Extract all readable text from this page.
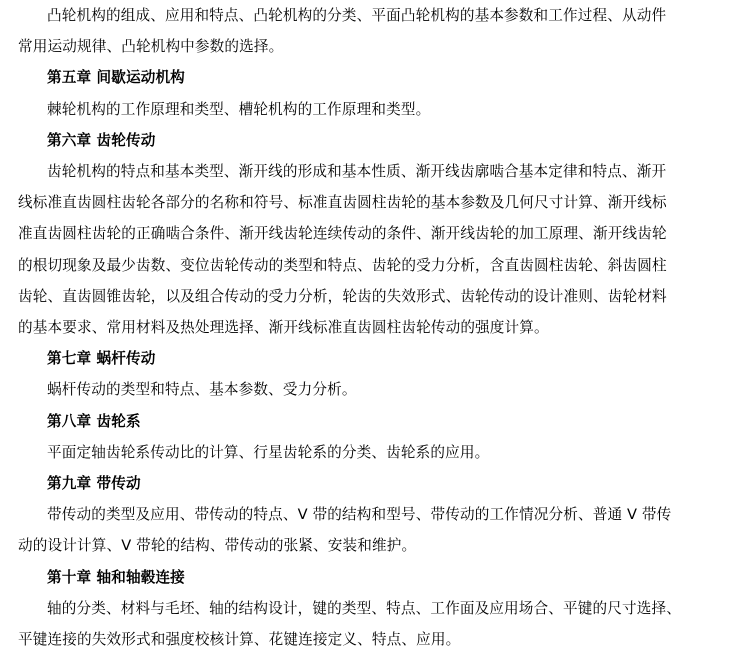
凸轮机构的组成、应用和特点、凸轮机构的分类、平面凸轮机构的基本参数和工作过程、从动件
常用运动规律、凸轮机构中参数的选择。
第五章 间歇运动机构
棘轮机构的工作原理和类型、槽轮机构的工作原理和类型。
第六章 齿轮传动
齿轮机构的特点和基本类型、渐开线的形成和基本性质、渐开线齿廓啮合基本定律和特点、渐开
线标准直齿圆柱齿轮各部分的名称和符号、标准直齿圆柱齿轮的基本参数及几何尺寸计算、渐开线标
准直齿圆柱齿轮的正确啮合条件、渐开线齿轮连续传动的条件、渐开线齿轮的加工原理、渐开线齿轮
的根切现象及最少齿数、变位齿轮传动的类型和特点、齿轮的受力分析，含直齿圆柱齿轮、斜齿圆柱
齿轮、直齿圆锥齿轮，以及组合传动的受力分析，轮齿的失效形式、齿轮传动的设计准则、齿轮材料
的基本要求、常用材料及热处理选择、渐开线标准直齿圆柱齿轮传动的强度计算。
第七章 蜗杆传动
蜗杆传动的类型和特点、基本参数、受力分析。
第八章 齿轮系
平面定轴齿轮系传动比的计算、行星齿轮系的分类、齿轮系的应用。
第九章 带传动
带传动的类型及应用、带传动的特点、V 带的结构和型号、带传动的工作情况分析、普通 V 带传
动的设计计算、V 带轮的结构、带传动的张紧、安装和维护。
第十章 轴和轴毂连接
轴的分类、材料与毛坯、轴的结构设计，键的类型、特点、工作面及应用场合、平键的尺寸选择、
平键连接的失效形式和强度校核计算、花键连接定义、特点、应用。
